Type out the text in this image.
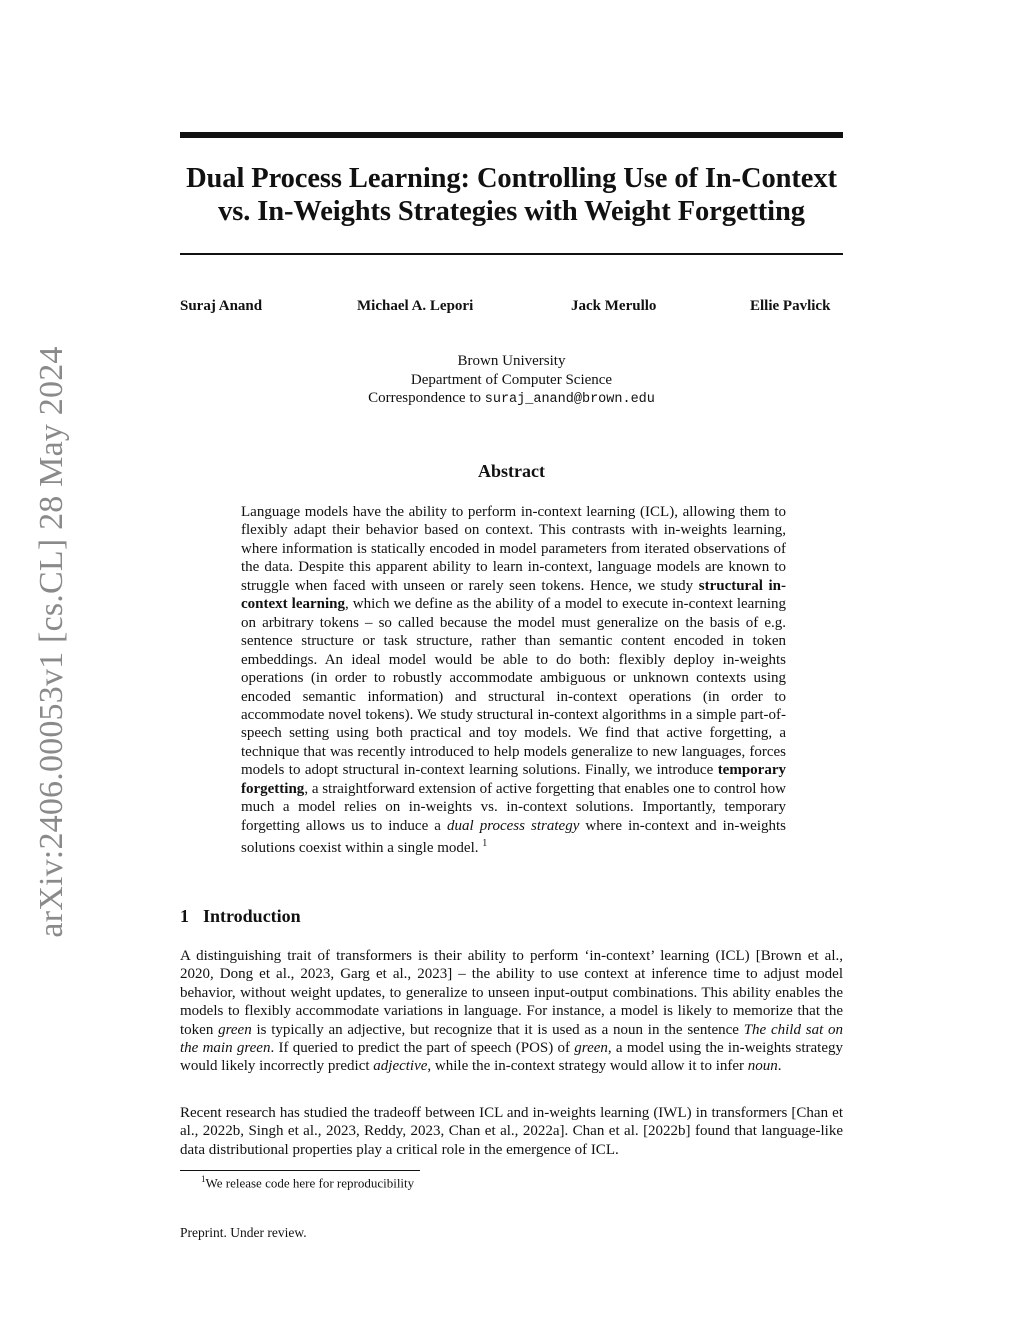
arXiv:2406.00053v1 [cs.CL] 28 May 2024
Dual Process Learning: Controlling Use of In-Context
vs. In-Weights Strategies with Weight Forgetting
Suraj Anand	Michael A. Lepori	Jack Merullo	Ellie Pavlick
Brown University
Department of Computer Science
Correspondence to suraj_anand@brown.edu
Abstract
Language models have the ability to perform in-context learning (ICL), allowing them to flexibly adapt their behavior based on context. This contrasts with in-weights learning, where information is statically encoded in model parameters from iterated observations of the data. Despite this apparent ability to learn in-context, language models are known to struggle when faced with unseen or rarely seen tokens. Hence, we study structural in-context learning, which we define as the ability of a model to execute in-context learning on arbitrary tokens – so called because the model must generalize on the basis of e.g. sentence structure or task structure, rather than semantic content encoded in token embeddings. An ideal model would be able to do both: flexibly deploy in-weights operations (in order to robustly accommodate ambiguous or unknown contexts using encoded semantic information) and structural in-context operations (in order to accommodate novel tokens). We study structural in-context algorithms in a simple part-of-speech setting using both practical and toy models. We find that active forgetting, a technique that was recently introduced to help models generalize to new languages, forces models to adopt structural in-context learning solutions. Finally, we introduce temporary forgetting, a straightforward extension of active forgetting that enables one to control how much a model relies on in-weights vs. in-context solutions. Importantly, temporary forgetting allows us to induce a dual process strategy where in-context and in-weights solutions coexist within a single model. $^1$
1 Introduction
A distinguishing trait of transformers is their ability to perform ‘in-context’ learning (ICL) [Brown et al., 2020, Dong et al., 2023, Garg et al., 2023] – the ability to use context at inference time to adjust model behavior, without weight updates, to generalize to unseen input-output combinations. This ability enables the models to flexibly accommodate variations in language. For instance, a model is likely to memorize that the token green is typically an adjective, but recognize that it is used as a noun in the sentence The child sat on the main green. If queried to predict the part of speech (POS) of green, a model using the in-weights strategy would likely incorrectly predict adjective, while the in-context strategy would allow it to infer noun.
Recent research has studied the tradeoff between ICL and in-weights learning (IWL) in transformers [Chan et al., 2022b, Singh et al., 2023, Reddy, 2023, Chan et al., 2022a]. Chan et al. [2022b] found that language-like data distributional properties play a critical role in the emergence of ICL.
$^1$We release code here for reproducibility
Preprint. Under review.
